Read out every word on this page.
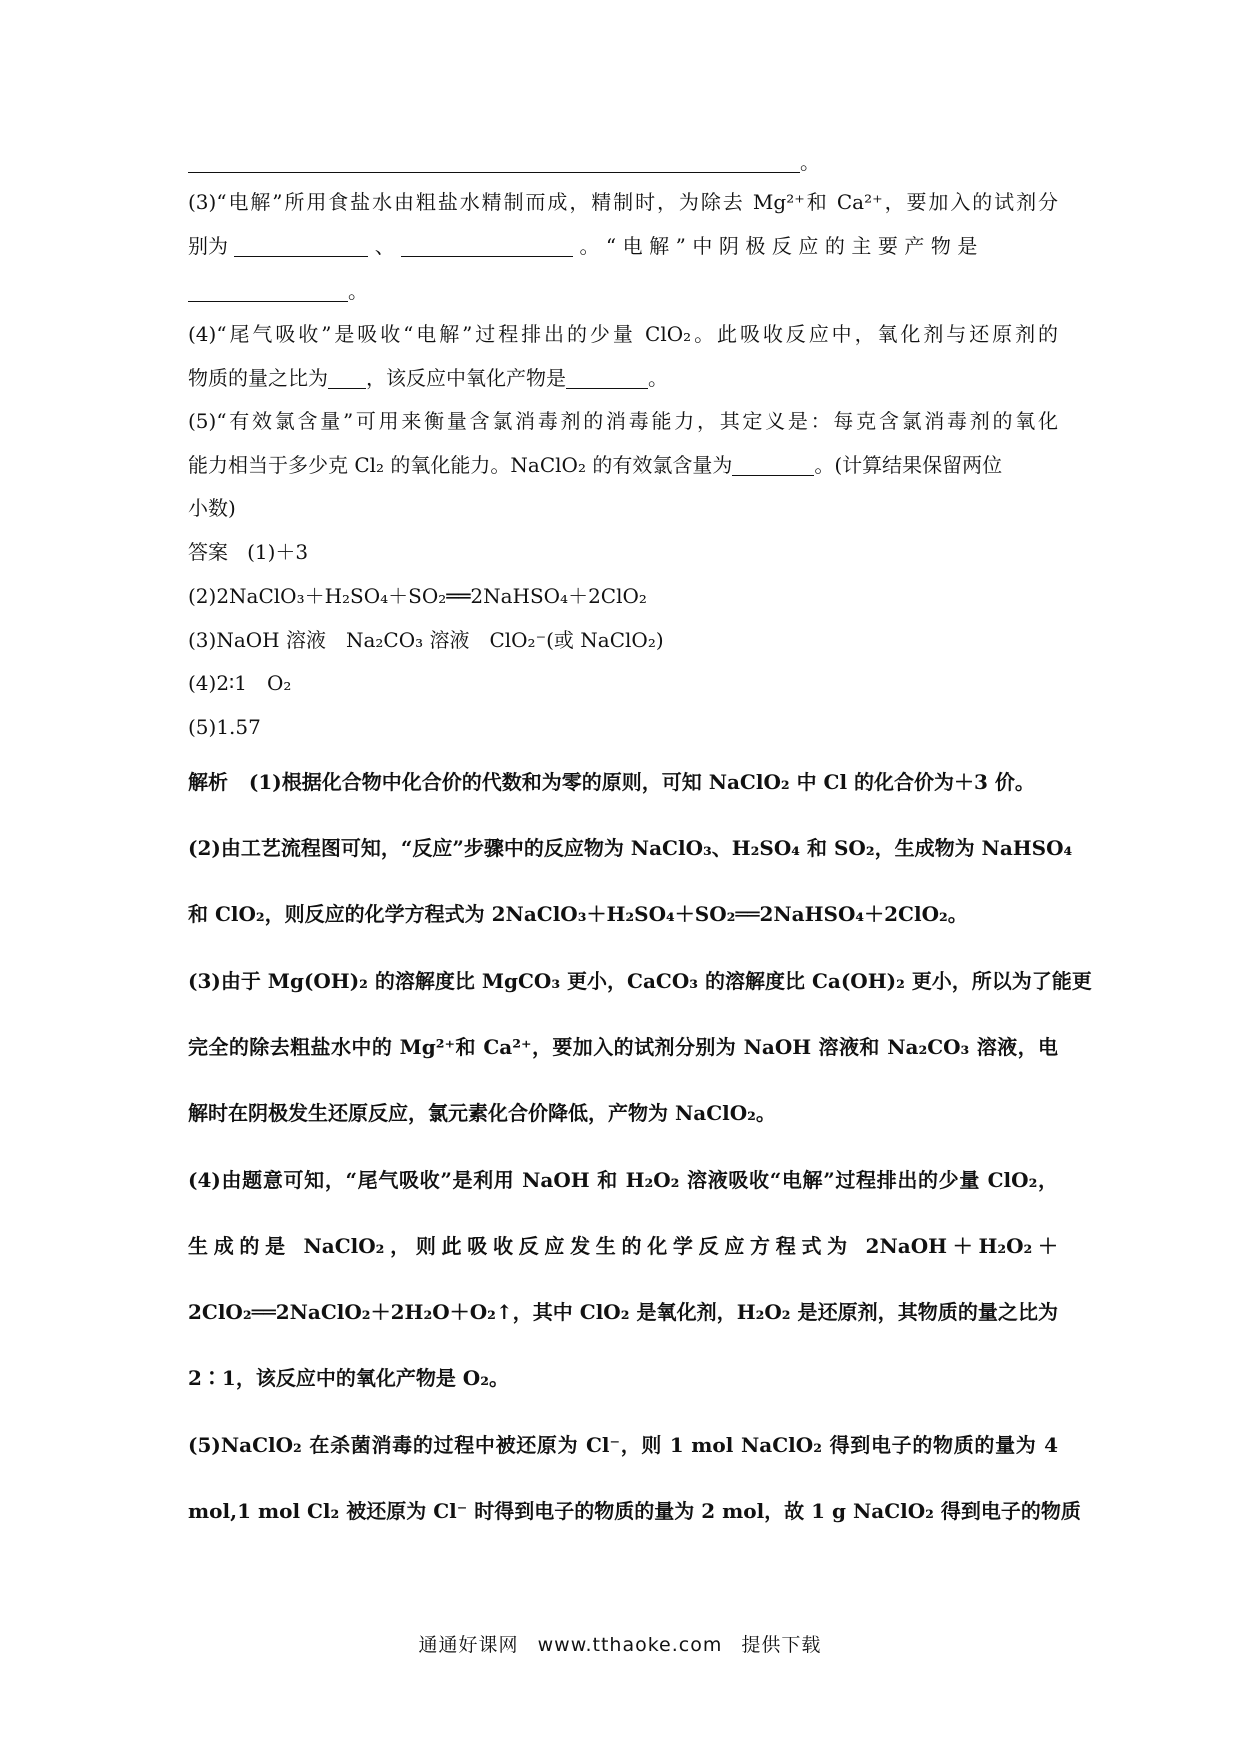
。
(3)“电解”所用食盐水由粗盐水精制而成，精制时，为除去 Mg²⁺和 Ca²⁺，要加入的试剂分
别为	、	。“电解”中阴极反应的主要产物是
。
(4)“尾气吸收”是吸收“电解”过程排出的少量 ClO₂。此吸收反应中，氧化剂与还原剂的
物质的量之比为 ，该反应中氧化产物是	。
(5)“有效氯含量”可用来衡量含氯消毒剂的消毒能力，其定义是：每克含氯消毒剂的氧化
能力相当于多少克 Cl₂ 的氧化能力。NaClO₂ 的有效氯含量为	。(计算结果保留两位
小数)
答案 (1)＋3
(2)2NaClO₃＋H₂SO₄＋SO₂══2NaHSO₄＋2ClO₂
(3)NaOH 溶液　Na₂CO₃ 溶液　ClO₂⁻(或 NaClO₂)
(4)2∶1　O₂
(5)1.57
解析 (1)根据化合物中化合价的代数和为零的原则，可知 NaClO₂ 中 Cl 的化合价为＋3 价。
(2)由工艺流程图可知，“反应”步骤中的反应物为 NaClO₃、H₂SO₄ 和 SO₂，生成物为 NaHSO₄
和 ClO₂，则反应的化学方程式为 2NaClO₃＋H₂SO₄＋SO₂══2NaHSO₄＋2ClO₂。
(3)由于 Mg(OH)₂ 的溶解度比 MgCO₃ 更小，CaCO₃ 的溶解度比 Ca(OH)₂ 更小，所以为了能更
完全的除去粗盐水中的 Mg²⁺和 Ca²⁺，要加入的试剂分别为 NaOH 溶液和 Na₂CO₃ 溶液，电
解时在阴极发生还原反应，氯元素化合价降低，产物为 NaClO₂。
(4)由题意可知，“尾气吸收”是利用 NaOH 和 H₂O₂ 溶液吸收“电解”过程排出的少量 ClO₂，
生成的是 NaClO₂，则此吸收反应发生的化学反应方程式为 2NaOH＋H₂O₂＋
2ClO₂══2NaClO₂＋2H₂O＋O₂↑，其中 ClO₂ 是氧化剂，H₂O₂ 是还原剂，其物质的量之比为
2∶1，该反应中的氧化产物是 O₂。
(5)NaClO₂ 在杀菌消毒的过程中被还原为 Cl⁻，则 1 mol NaClO₂ 得到电子的物质的量为 4
mol,1 mol Cl₂ 被还原为 Cl⁻ 时得到电子的物质的量为 2 mol，故 1 g NaClO₂ 得到电子的物质
通通好课网 www.tthaoke.com 提供下载
